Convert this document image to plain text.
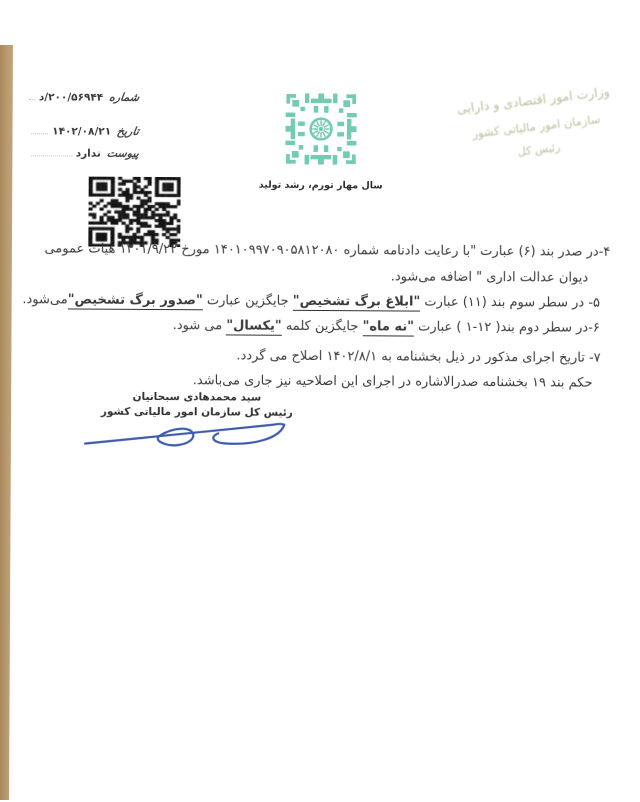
شماره
د/۲۰۰/۵۶۹۴۴
تاریخ
۱۴۰۲/۰۸/۲۱
پیوست
ندارد
سال مهار تورم، رشد تولید
وزارت امور اقتصادی و دارایی
سازمان امور مالیاتی کشور
رئیس کل
۴-در صدر بند (۶) عبارت "با رعایت دادنامه شماره ۱۴۰۱۰۹۹۷۰۹۰۵۸۱۲۰۸۰ مورخ ۱۴۰۱/۹/۲۲ هیات عمومی
دیوان عدالت اداری " اضافه می‌شود.
۵- در سطر سوم بند (۱۱) عبارت "ابلاغ برگ تشخیص" جایگزین عبارت "صدور برگ تشخیص"می‌شود.
۶-در سطر دوم بند( ۱۲-۱ ) عبارت "نه ماه" جایگزین کلمه "یکسال" می شود.
۷- تاریخ اجرای مذکور در ذیل بخشنامه به ۱۴۰۲/۸/۱ اصلاح می گردد.
حکم بند ۱۹ بخشنامه صدرالاشاره در اجرای این اصلاحیه نیز جاری می‌باشد.
سید محمدهادی سبحانیان
رئیس کل سازمان امور مالیاتی کشور
